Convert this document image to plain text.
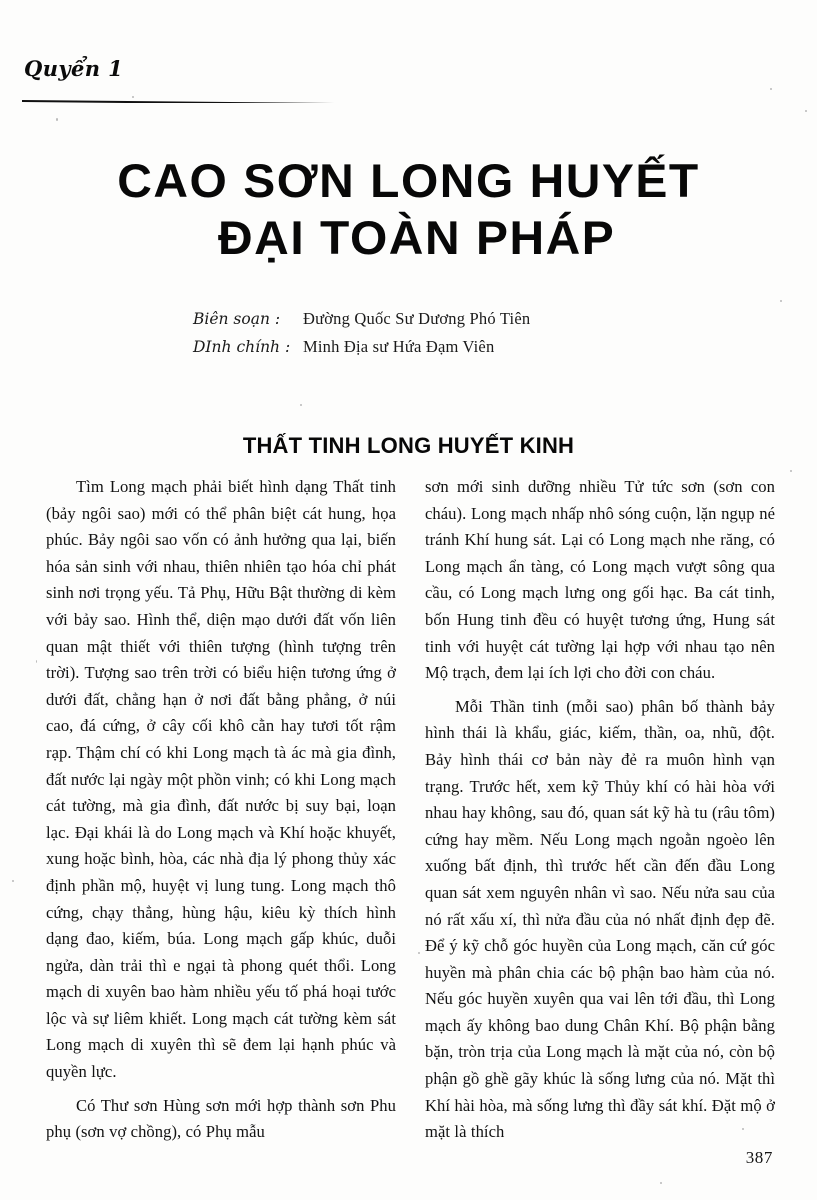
Quyển 1
CAO SƠN LONG HUYẾT
ĐẠI TOÀN PHÁP
Biên soạn :	Đường Quốc Sư Dương Phó Tiên
DInh chính : Minh Địa sư Hứa Đạm Viên
THẤT TINH LONG HUYẾT KINH

Tìm Long mạch phải biết hình dạng Thất tinh (bảy ngôi sao) mới có thể phân biệt cát hung, họa phúc. Bảy ngôi sao vốn có ảnh hưởng qua lại, biến hóa sản sinh với nhau, thiên nhiên tạo hóa chỉ phát sinh nơi trọng yếu. Tả Phụ, Hữu Bật thường di kèm với bảy sao. Hình thể, diện mạo dưới đất vốn liên quan mật thiết với thiên tượng (hình tượng trên trời). Tượng sao trên trời có biểu hiện tương ứng ở dưới đất, chẳng hạn ở nơi đất bằng phẳng, ở núi cao, đá cứng, ở cây cối khô cằn hay tươi tốt rậm rạp. Thậm chí có khi Long mạch tà ác mà gia đình, đất nước lại ngày một phồn vinh; có khi Long mạch cát tường, mà gia đình, đất nước bị suy bại, loạn lạc. Đại khái là do Long mạch và Khí hoặc khuyết, xung hoặc bình, hòa, các nhà địa lý phong thủy xác định phần mộ, huyệt vị lung tung. Long mạch thô cứng, chạy thẳng, hùng hậu, kiêu kỳ thích hình dạng đao, kiếm, búa. Long mạch gấp khúc, duỗi ngửa, dàn trải thì e ngại tà phong quét thổi. Long mạch di xuyên bao hàm nhiều yếu tố phá hoại tước lộc và sự liêm khiết. Long mạch cát tường kèm sát Long mạch di xuyên thì sẽ đem lại hạnh phúc và quyền lực.

Có Thư sơn Hùng sơn mới hợp thành sơn Phu phụ (sơn vợ chồng), có Phụ mẫu

sơn mới sinh dưỡng nhiều Tử tức sơn (sơn con cháu). Long mạch nhấp nhô sóng cuộn, lặn ngụp né tránh Khí hung sát. Lại có Long mạch nhe răng, có Long mạch ẩn tàng, có Long mạch vượt sông qua cầu, có Long mạch lưng ong gối hạc. Ba cát tinh, bốn Hung tinh đều có huyệt tương ứng, Hung sát tinh với huyệt cát tường lại hợp với nhau tạo nên Mộ trạch, đem lại ích lợi cho đời con cháu.

Mỗi Thần tinh (mỗi sao) phân bố thành bảy hình thái là khẩu, giác, kiếm, thần, oa, nhũ, đột. Bảy hình thái cơ bản này đẻ ra muôn hình vạn trạng. Trước hết, xem kỹ Thủy khí có hài hòa với nhau hay không, sau đó, quan sát kỹ hà tu (râu tôm) cứng hay mềm. Nếu Long mạch ngoằn ngoèo lên xuống bất định, thì trước hết cần đến đầu Long quan sát xem nguyên nhân vì sao. Nếu nửa sau của nó rất xấu xí, thì nửa đầu của nó nhất định đẹp đẽ. Để ý kỹ chỗ góc huyền của Long mạch, căn cứ góc huyền mà phân chia các bộ phận bao hàm của nó. Nếu góc huyền xuyên qua vai lên tới đầu, thì Long mạch ấy không bao dung Chân Khí. Bộ phận bằng bặn, tròn trịa của Long mạch là mặt của nó, còn bộ phận gồ ghề gãy khúc là sống lưng của nó. Mặt thì Khí hài hòa, mà sống lưng thì đầy sát khí. Đặt mộ ở mặt là thích

387
